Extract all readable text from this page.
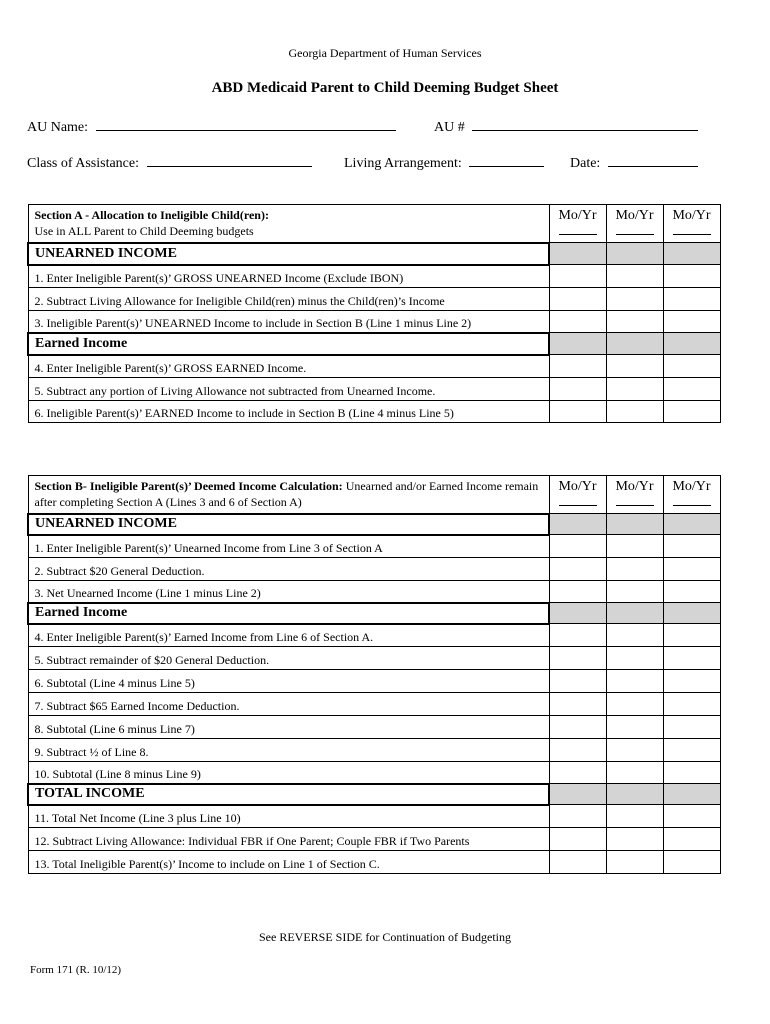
Georgia Department of Human Services
ABD Medicaid Parent to Child Deeming Budget Sheet
AU Name:	AU #
Class of Assistance:	Living Arrangement:	Date:
Section A - Allocation to Ineligible Child(ren):
Use in ALL Parent to Child Deeming budgets	Mo/Yr	Mo/Yr	Mo/Yr

UNEARNED INCOME			
1. Enter Ineligible Parent(s)’ GROSS UNEARNED Income (Exclude IBON)			
2. Subtract Living Allowance for Ineligible Child(ren) minus the Child(ren)’s Income			
3. Ineligible Parent(s)’ UNEARNED Income to include in Section B (Line 1 minus Line 2)			
Earned Income			
4. Enter Ineligible Parent(s)’ GROSS EARNED Income.			
5. Subtract any portion of Living Allowance not subtracted from Unearned Income.			
6. Ineligible Parent(s)’ EARNED Income to include in Section B (Line 4 minus Line 5)			
Section B- Ineligible Parent(s)’ Deemed Income Calculation: Unearned and/or Earned Income remain after completing Section A (Lines 3 and 6 of Section A)	Mo/Yr	Mo/Yr	Mo/Yr

UNEARNED INCOME			
1. Enter Ineligible Parent(s)’ Unearned Income from Line 3 of Section A			
2. Subtract $20 General Deduction.			
3. Net Unearned Income (Line 1 minus Line 2)			
Earned Income			
4. Enter Ineligible Parent(s)’ Earned Income from Line 6 of Section A.			
5. Subtract remainder of $20 General Deduction.			
6. Subtotal (Line 4 minus Line 5)			
7. Subtract $65 Earned Income Deduction.			
8. Subtotal (Line 6 minus Line 7)			
9. Subtract ½ of Line 8.			
10. Subtotal (Line 8 minus Line 9)			
TOTAL INCOME			
11. Total Net Income (Line 3 plus Line 10)			
12. Subtract Living Allowance: Individual FBR if One Parent; Couple FBR if Two Parents			
13. Total Ineligible Parent(s)’ Income to include on Line 1 of Section C.			
See REVERSE SIDE for Continuation of Budgeting
Form 171 (R. 10/12)
